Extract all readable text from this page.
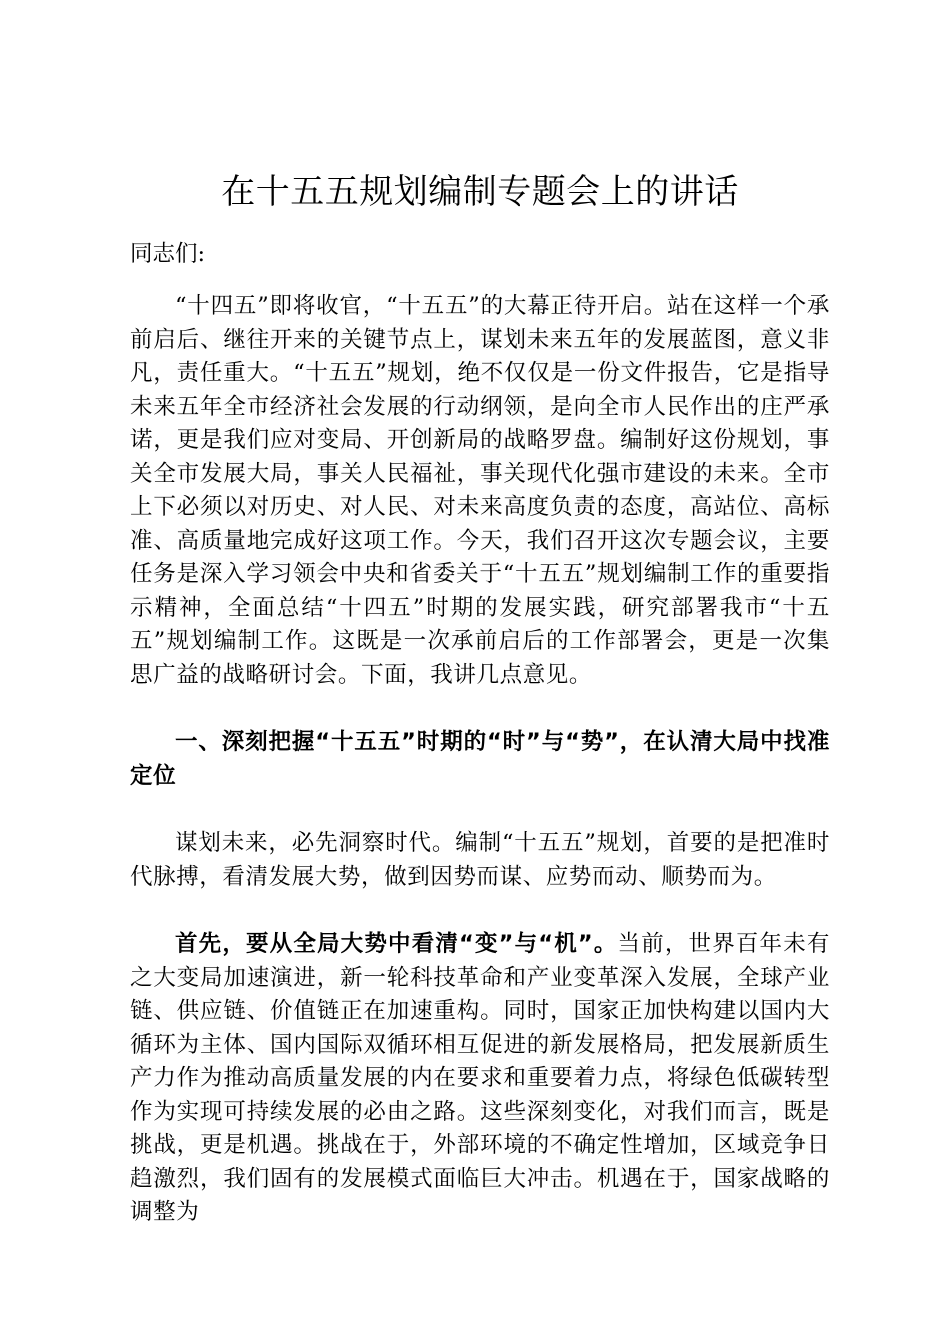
在十五五规划编制专题会上的讲话
同志们:

“十四五”即将收官，“十五五”的大幕正待开启。站在这样一个承前启后、继往开来的关键节点上，谋划未来五年的发展蓝图，意义非凡，责任重大。“十五五”规划，绝不仅仅是一份文件报告，它是指导未来五年全市经济社会发展的行动纲领，是向全市人民作出的庄严承诺，更是我们应对变局、开创新局的战略罗盘。编制好这份规划，事关全市发展大局，事关人民福祉，事关现代化强市建设的未来。全市上下必须以对历史、对人民、对未来高度负责的态度，高站位、高标准、高质量地完成好这项工作。今天，我们召开这次专题会议，主要任务是深入学习领会中央和省委关于“十五五”规划编制工作的重要指示精神，全面总结“十四五”时期的发展实践，研究部署我市“十五五”规划编制工作。这既是一次承前启后的工作部署会，更是一次集思广益的战略研讨会。下面，我讲几点意见。

一、深刻把握“十五五”时期的“时”与“势”，在认清大局中找准定位

谋划未来，必先洞察时代。编制“十五五”规划，首要的是把准时代脉搏，看清发展大势，做到因势而谋、应势而动、顺势而为。

首先，要从全局大势中看清“变”与“机”。当前，世界百年未有之大变局加速演进，新一轮科技革命和产业变革深入发展，全球产业链、供应链、价值链正在加速重构。同时，国家正加快构建以国内大循环为主体、国内国际双循环相互促进的新发展格局，把发展新质生产力作为推动高质量发展的内在要求和重要着力点，将绿色低碳转型作为实现可持续发展的必由之路。这些深刻变化，对我们而言，既是挑战，更是机遇。挑战在于，外部环境的不确定性增加，区域竞争日趋激烈，我们固有的发展模式面临巨大冲击。机遇在于，国家战略的调整为
